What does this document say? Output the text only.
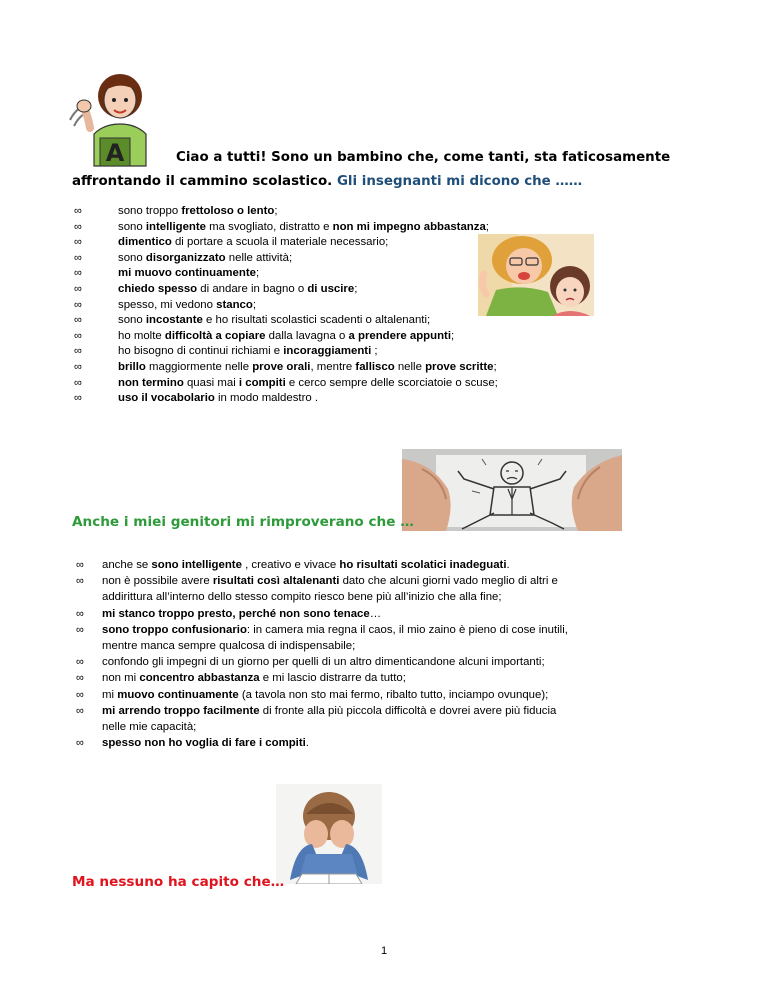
A	Ciao a tutti! Sono un bambino che, come tanti, sta faticosamente
affrontando il cammino scolastico. Gli insegnanti mi dicono che ……
∞ sono troppo frettoloso o lento;
∞ sono intelligente ma svogliato, distratto e non mi impegno abbastanza;
∞ dimentico di portare a scuola il materiale necessario;
∞ sono disorganizzato nelle attività;
∞ mi muovo continuamente;
∞ chiedo spesso di andare in bagno o di uscire;
∞ spesso, mi vedono stanco;
∞ sono incostante e ho risultati scolastici scadenti o altalenanti;
∞ ho molte difficoltà a copiare dalla lavagna o a prendere appunti;
∞ ho bisogno di continui richiami e incoraggiamenti ;
∞ brillo maggiormente nelle prove orali, mentre fallisco nelle prove scritte;
∞ non termino quasi mai i compiti e cerco sempre delle scorciatoie o scuse;
∞ uso il vocabolario in modo maldestro .
Anche i miei genitori mi rimproverano che …
∞ anche se sono intelligente , creativo e vivace ho risultati scolatici inadeguati.
∞ non è possibile avere risultati così altalenanti dato che alcuni giorni vado meglio di altri e
addirittura all’interno dello stesso compito riesco bene più all’inizio che alla fine;
∞ mi stanco troppo presto, perché non sono tenace…
∞ sono troppo confusionario: in camera mia regna il caos, il mio zaino è pieno di cose inutili,
mentre manca sempre qualcosa di indispensabile;
∞ confondo gli impegni di un giorno per quelli di un altro dimenticandone alcuni importanti;
∞ non mi concentro abbastanza e mi lascio distrarre da tutto;
∞ mi muovo continuamente (a tavola non sto mai fermo, ribalto tutto, inciampo ovunque);
∞ mi arrendo troppo facilmente di fronte alla più piccola difficoltà e dovrei avere più fiducia
nelle mie capacità;
∞ spesso non ho voglia di fare i compiti.
Ma nessuno ha capito che…
1
